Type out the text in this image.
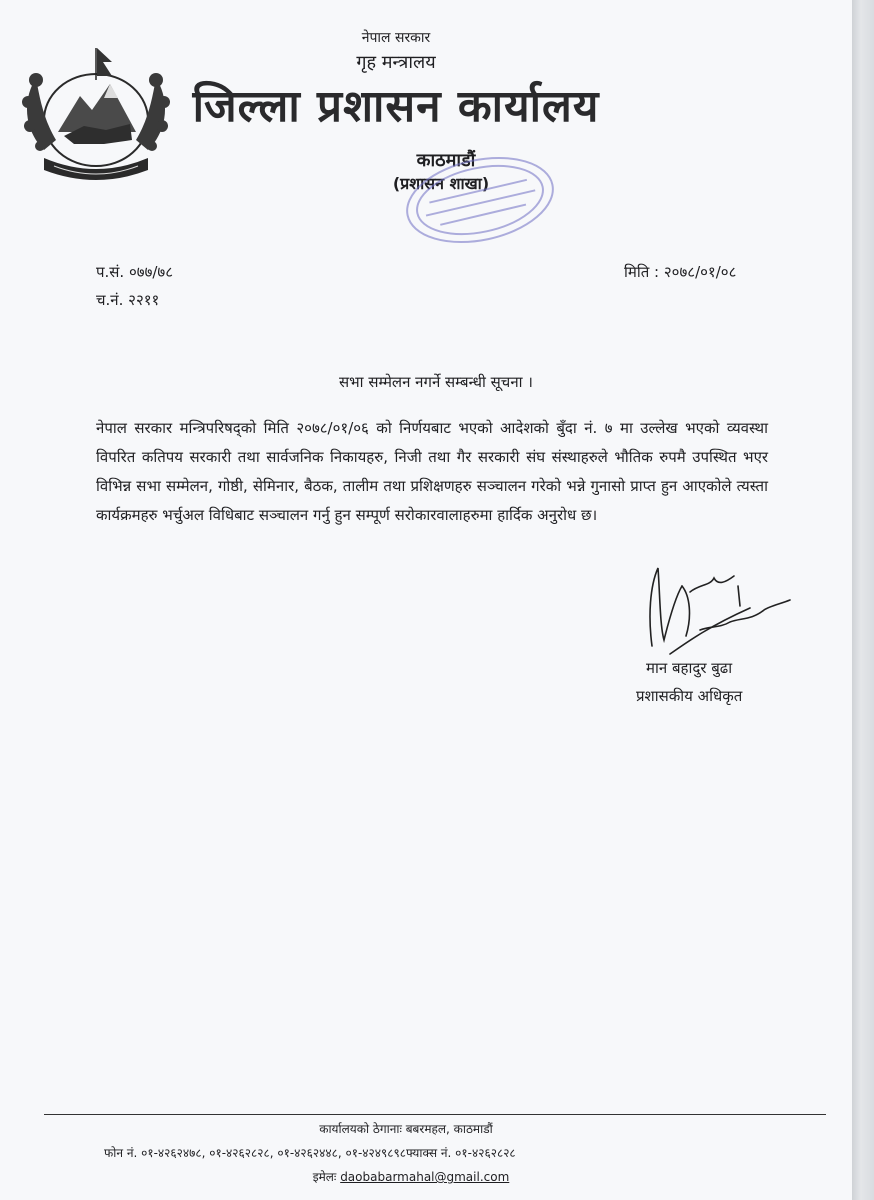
नेपाल सरकार
गृह मन्त्रालय
जिल्ला प्रशासन कार्यालय
काठमाडौं
(प्रशासन शाखा)
प.सं. ०७७/७८
च.नं. २२११
मिति : २०७८/०१/०८
सभा सम्मेलन नगर्ने सम्बन्धी सूचना ।
नेपाल सरकार मन्त्रिपरिषद्को मिति २०७८/०१/०६ को निर्णयबाट भएको आदेशको बुँदा नं. ७ मा उल्लेख भएको व्यवस्था विपरित कतिपय सरकारी तथा सार्वजनिक निकायहरु, निजी तथा गैर सरकारी संघ संस्थाहरुले भौतिक रुपमै उपस्थित भएर विभिन्न सभा सम्मेलन, गोष्ठी, सेमिनार, बैठक, तालीम तथा प्रशिक्षणहरु सञ्चालन गरेको भन्ने गुनासो प्राप्त हुन आएकोले त्यस्ता कार्यक्रमहरु भर्चुअल विधिबाट सञ्चालन गर्नु हुन सम्पूर्ण सरोकारवालाहरुमा हार्दिक अनुरोध छ।
मान बहादुर बुढा
प्रशासकीय अधिकृत
कार्यालयको ठेगानाः बबरमहल, काठमाडौं
फोन नं. ०१-४२६२४७८, ०१-४२६२८२८, ०१-४२६२४४८, ०१-४२४९८९८फ्याक्स नं. ०१-४२६२८२८
इमेलः daobabarmahal@gmail.com
